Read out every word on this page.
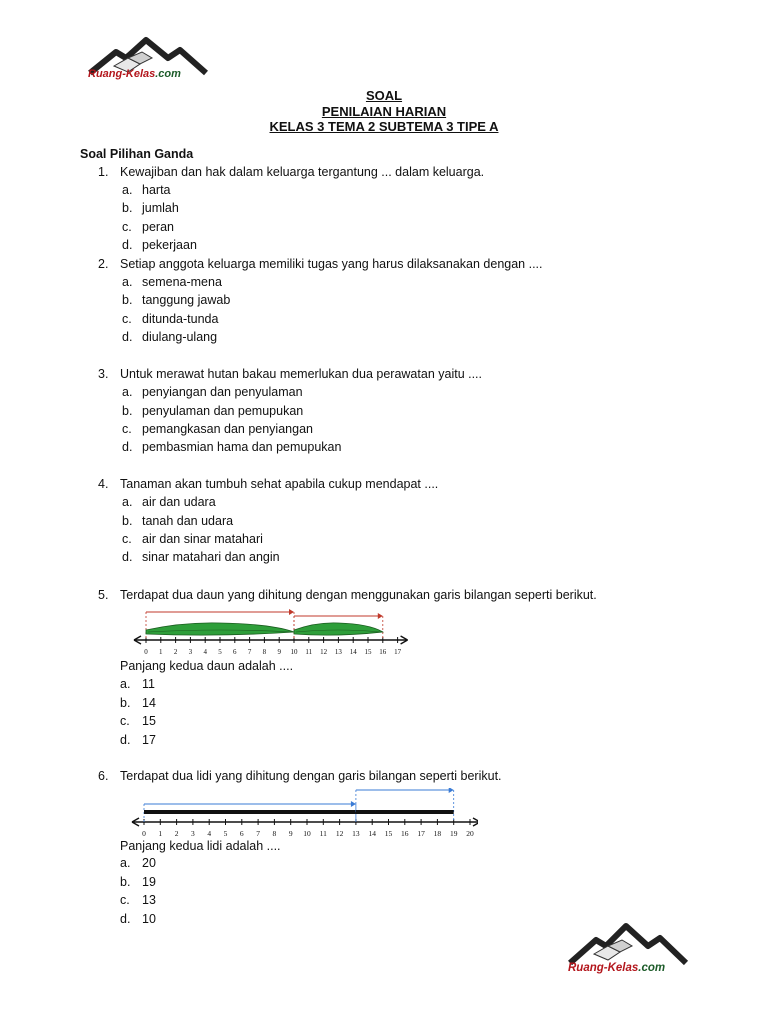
Ruang-Kelas.com
Ruang-Kelas.com
SOAL
PENILAIAN HARIAN
KELAS 3 TEMA 2 SUBTEMA 3 TIPE A
Soal Pilihan Ganda
1. Kewajiban dan hak dalam keluarga tergantung ... dalam keluarga.
a. harta
b. jumlah
c. peran
d. pekerjaan
2. Setiap anggota keluarga memiliki tugas yang harus dilaksanakan dengan ....
a. semena-mena
b. tanggung jawab
c. ditunda-tunda
d. diulang-ulang
3. Untuk merawat hutan bakau memerlukan dua perawatan yaitu ....
a. penyiangan dan penyulaman
b. penyulaman dan pemupukan
c. pemangkasan dan penyiangan
d. pembasmian hama dan pemupukan
4. Tanaman akan tumbuh sehat apabila cukup mendapat ....
a. air dan udara
b. tanah dan udara
c. air dan sinar matahari
d. sinar matahari dan angin
5. Terdapat dua daun yang dihitung dengan menggunakan garis bilangan seperti berikut.
Panjang kedua daun adalah ....
a. 11
b. 14
c. 15
d. 17
6. Terdapat dua lidi yang dihitung dengan garis bilangan seperti berikut.
Panjang kedua lidi adalah ....
a. 20
b. 19
c. 13
d. 10
0 1 2 3 4 5 6 7 8 9 10 11 12 13 14 15 16 17
0 1 2 3 4 5 6 7 8 9 10 11 12 13 14 15 16 17 18 19 20
